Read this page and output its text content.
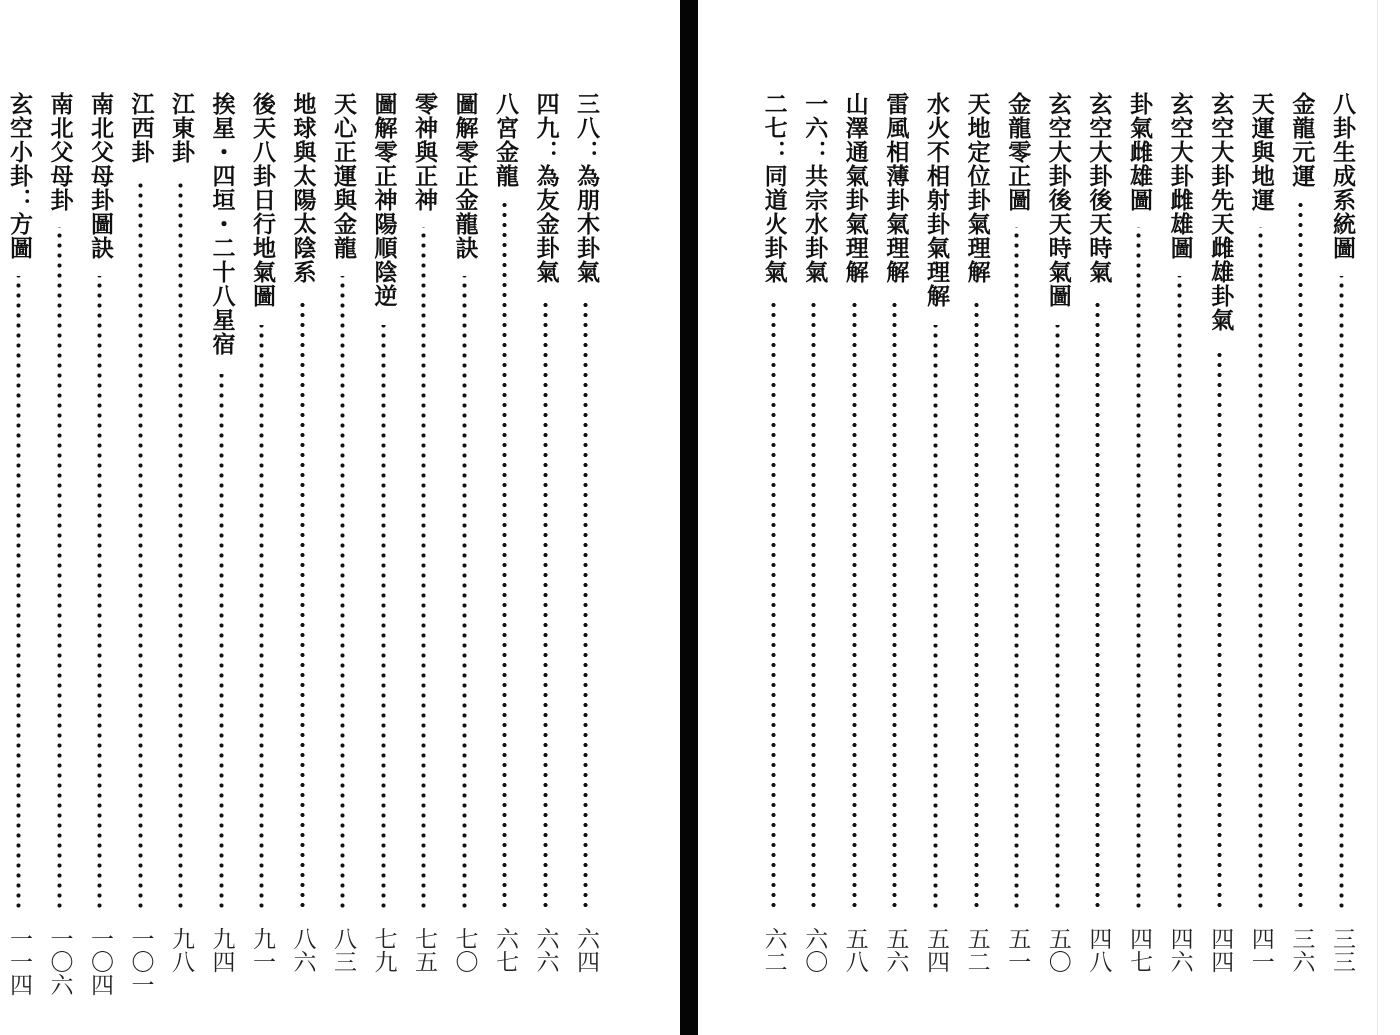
三八：為朋木卦氣
六四
四九：為友金卦氣
六六
八宮金龍
六七
圖解零正金龍訣
七〇
零神與正神
七五
圖解零正神陽順陰逆
七九
天心正運與金龍
八三
地球與太陽太陰系
八六
後天八卦日行地氣圖
九一
挨星・四垣・二十八星宿
九四
江東卦
九八
江西卦
一〇一
南北父母卦圖訣
一〇四
南北父母卦
一〇六
玄空小卦：方圖
一一四
八卦生成系統圖
三三
金龍元運
三六
天運與地運
四一
玄空大卦先天雌雄卦氣
四四
玄空大卦雌雄圖
四六
卦氣雌雄圖
四七
玄空大卦後天時氣
四八
玄空大卦後天時氣圖
五〇
金龍零正圖
五一
天地定位卦氣理解
五二
水火不相射卦氣理解
五四
雷風相薄卦氣理解
五六
山澤通氣卦氣理解
五八
一六：共宗水卦氣
六〇
二七：同道火卦氣
六二
